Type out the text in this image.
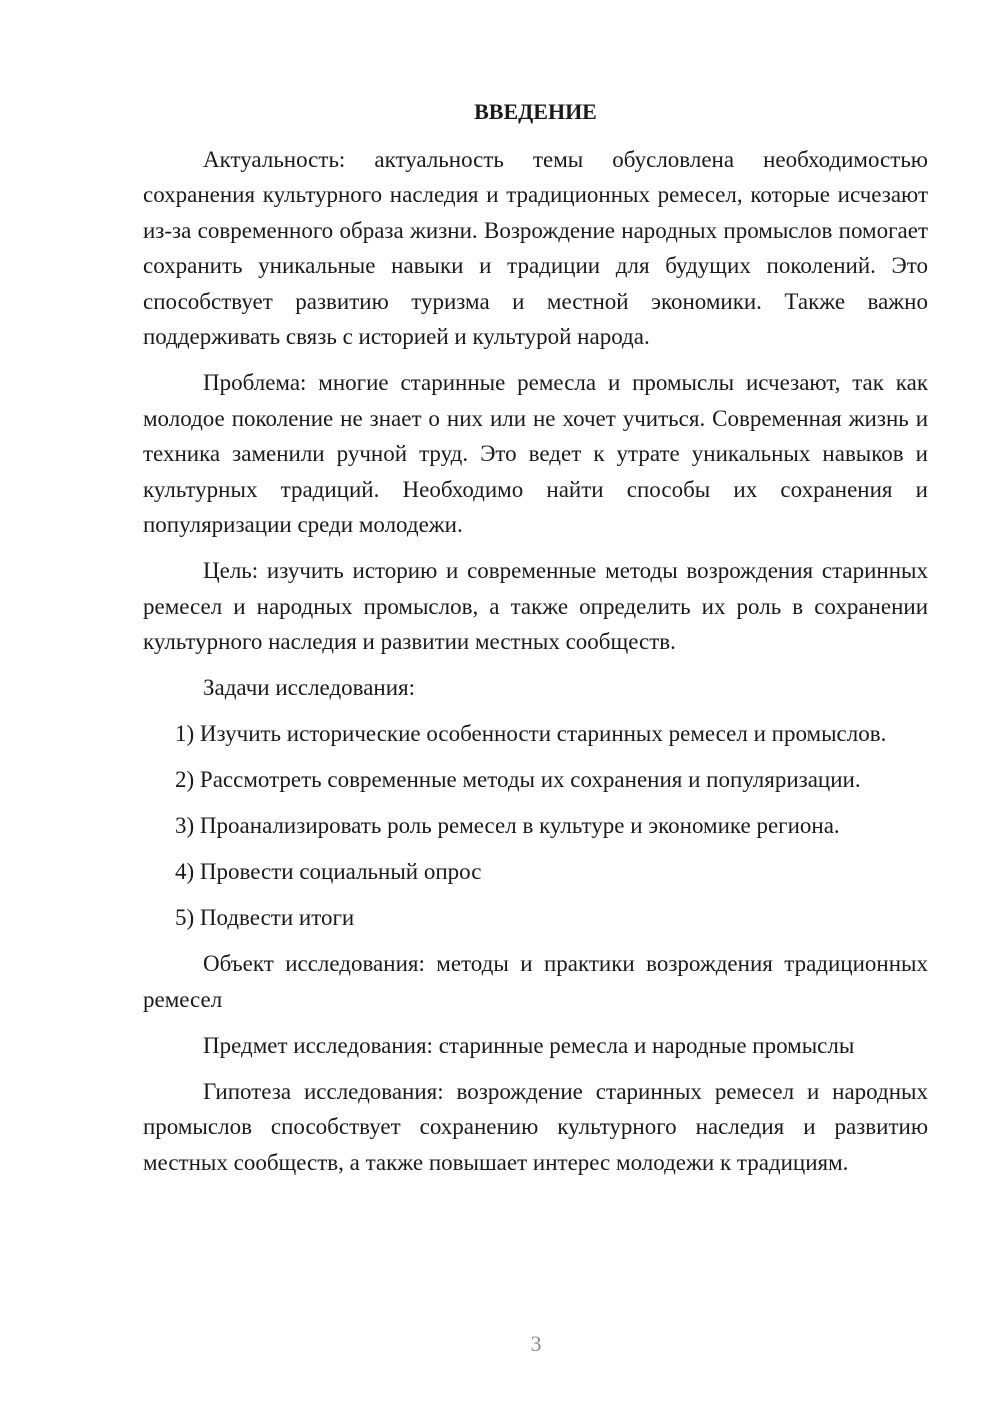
ВВЕДЕНИЕ

Актуальность: актуальность темы обусловлена необходимостью сохранения культурного наследия и традиционных ремесел, которые исчезают из-за современного образа жизни. Возрождение народных промыслов помогает сохранить уникальные навыки и традиции для будущих поколений. Это способствует развитию туризма и местной экономики. Также важно поддерживать связь с историей и культурой народа.

Проблема: многие старинные ремесла и промыслы исчезают, так как молодое поколение не знает о них или не хочет учиться. Современная жизнь и техника заменили ручной труд. Это ведет к утрате уникальных навыков и культурных традиций. Необходимо найти способы их сохранения и популяризации среди молодежи.

Цель: изучить историю и современные методы возрождения старинных ремесел и народных промыслов, а также определить их роль в сохранении культурного наследия и развитии местных сообществ.

Задачи исследования:

1) Изучить исторические особенности старинных ремесел и промыслов.

2) Рассмотреть современные методы их сохранения и популяризации.

3) Проанализировать роль ремесел в культуре и экономике региона.

4) Провести социальный опрос

5) Подвести итоги

Объект исследования: методы и практики возрождения традиционных ремесел

Предмет исследования: старинные ремесла и народные промыслы

Гипотеза исследования: возрождение старинных ремесел и народных промыслов способствует сохранению культурного наследия и развитию местных сообществ, а также повышает интерес молодежи к традициям.

3
